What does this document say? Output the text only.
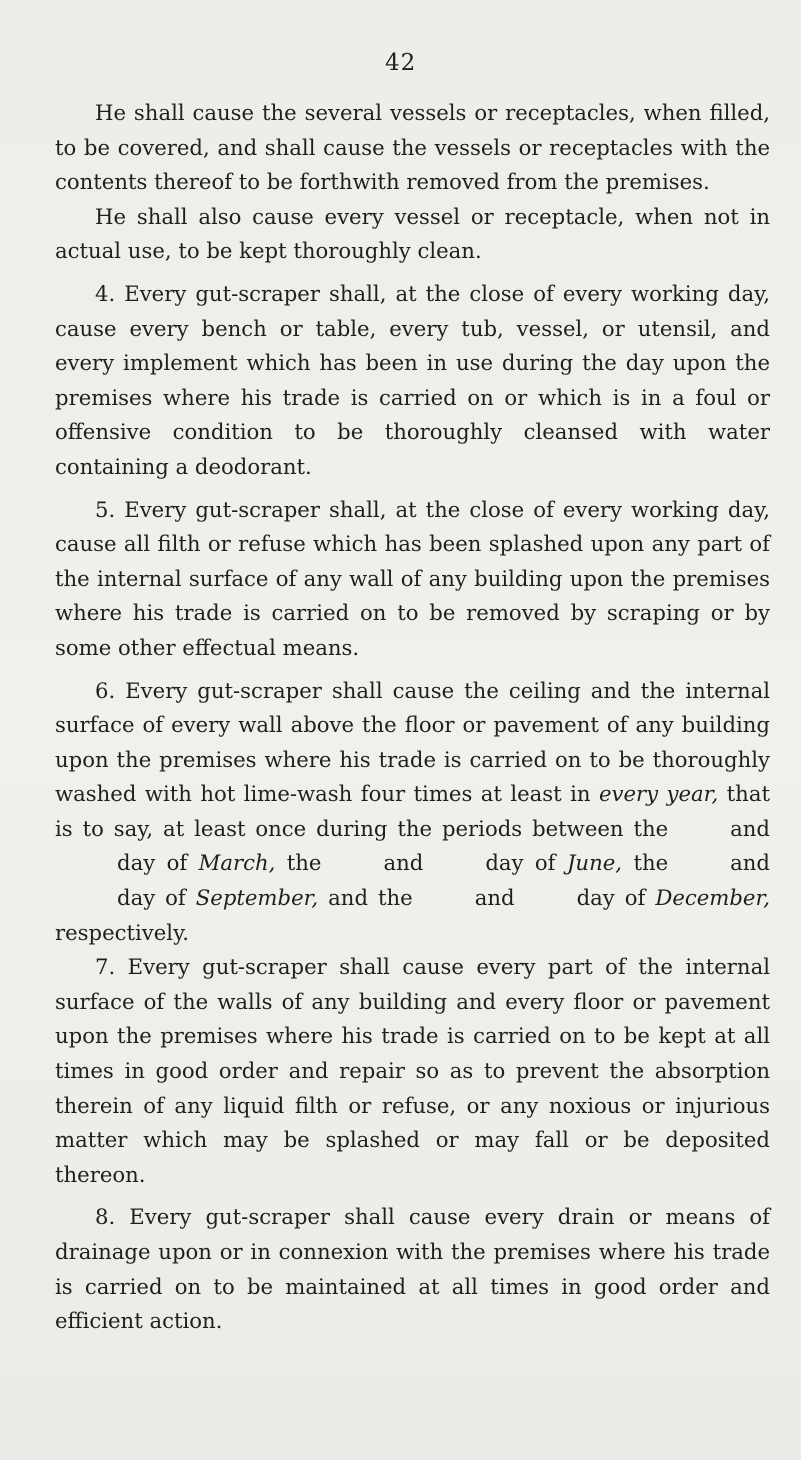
42

He shall cause the several vessels or receptacles, when filled, to be covered, and shall cause the vessels or receptacles with the contents thereof to be forthwith removed from the premises.

He shall also cause every vessel or receptacle, when not in actual use, to be kept thoroughly clean.

4. Every gut-scraper shall, at the close of every working day, cause every bench or table, every tub, vessel, or utensil, and every implement which has been in use during the day upon the premises where his trade is carried on or which is in a foul or offensive condition to be thoroughly cleansed with water containing a deodorant.

5. Every gut-scraper shall, at the close of every working day, cause all filth or refuse which has been splashed upon any part of the internal surface of any wall of any building upon the premises where his trade is carried on to be removed by scraping or by some other effectual means.

6. Every gut-scraper shall cause the ceiling and the internal surface of every wall above the floor or pavement of any building upon the premises where his trade is carried on to be thoroughly washed with hot lime-wash four times at least in every year, that is to say, at least once during the periods between the	andday of March, the	and	day of June, the	andday of September, and the	and	day of December, respectively.

7. Every gut-scraper shall cause every part of the internal surface of the walls of any building and every floor or pavement upon the premises where his trade is carried on to be kept at all times in good order and repair so as to prevent the absorption therein of any liquid filth or refuse, or any noxious or injurious matter which may be splashed or may fall or be deposited thereon.

8. Every gut-scraper shall cause every drain or means of drainage upon or in connexion with the premises where his trade is carried on to be maintained at all times in good order and efficient action.
